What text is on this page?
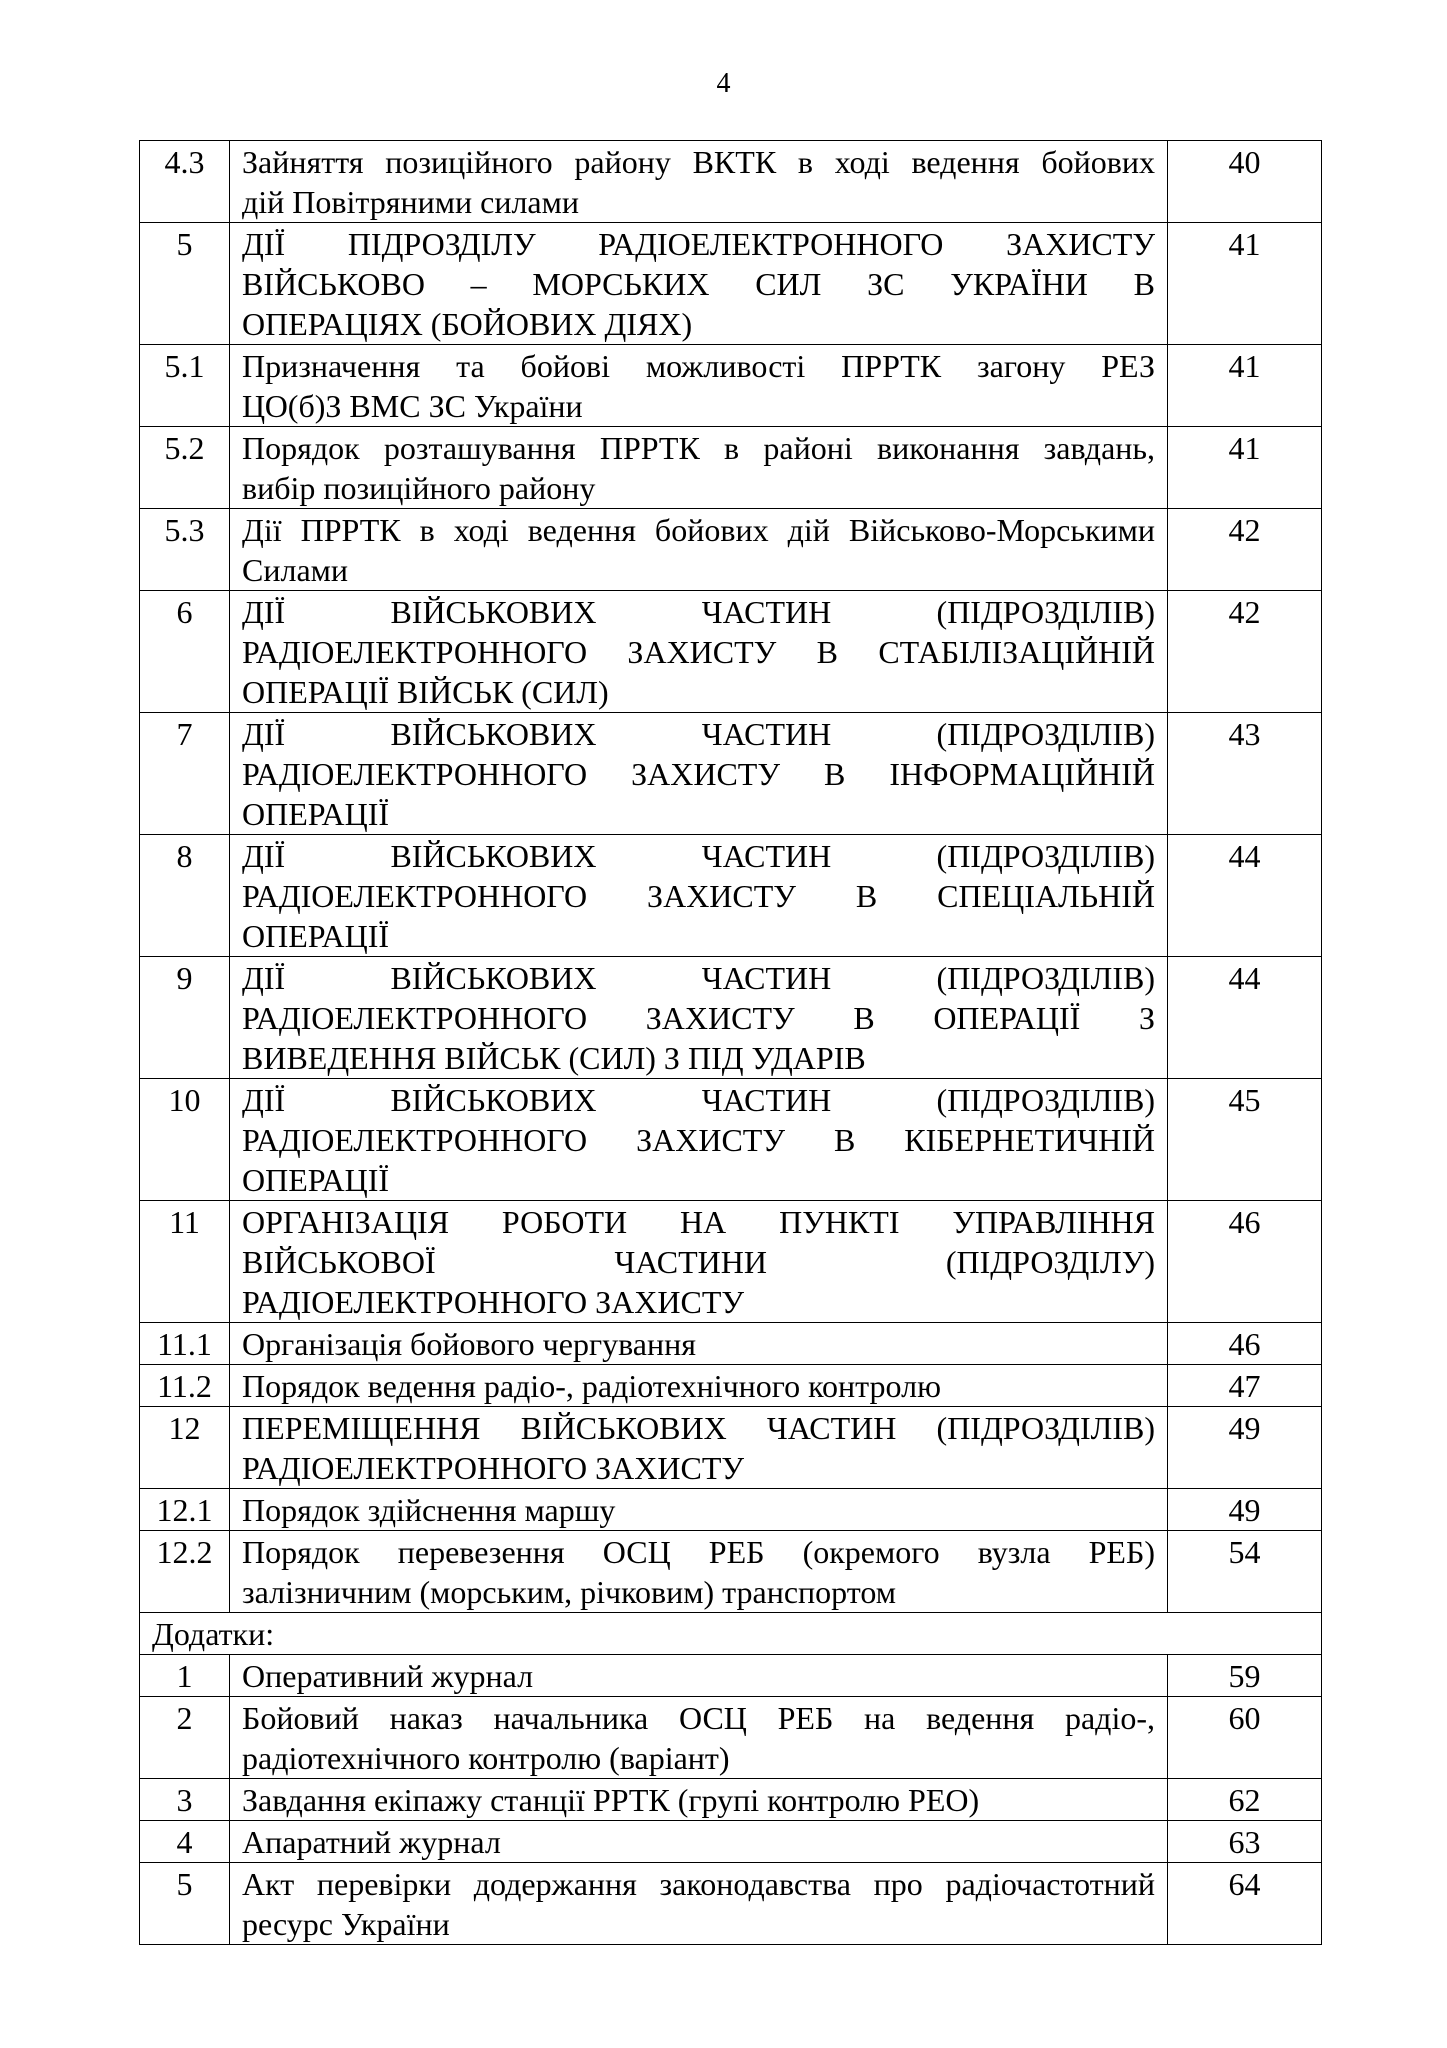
4
4.3	Зайняття позиційного району ВКТК в ході ведення бойових
дій Повітряними силами	40
5	ДІЇ ПІДРОЗДІЛУ РАДІОЕЛЕКТРОННОГО ЗАХИСТУ
ВІЙСЬКОВО – МОРСЬКИХ СИЛ ЗС УКРАЇНИ В
ОПЕРАЦІЯХ (БОЙОВИХ ДІЯХ)	41
5.1	Призначення та бойові можливості ПРРТК загону РЕЗ
ЦО(б)З ВМС ЗС України	41
5.2	Порядок розташування ПРРТК в районі виконання завдань,
вибір позиційного району	41
5.3	Дії ПРРТК в ході ведення бойових дій Військово-Морськими
Силами	42
6	ДІЇ ВІЙСЬКОВИХ ЧАСТИН (ПІДРОЗДІЛІВ)
РАДІОЕЛЕКТРОННОГО ЗАХИСТУ В СТАБІЛІЗАЦІЙНІЙ
ОПЕРАЦІЇ ВІЙСЬК (СИЛ)	42
7	ДІЇ ВІЙСЬКОВИХ ЧАСТИН (ПІДРОЗДІЛІВ)
РАДІОЕЛЕКТРОННОГО ЗАХИСТУ В ІНФОРМАЦІЙНІЙ
ОПЕРАЦІЇ	43
8	ДІЇ ВІЙСЬКОВИХ ЧАСТИН (ПІДРОЗДІЛІВ)
РАДІОЕЛЕКТРОННОГО ЗАХИСТУ В СПЕЦІАЛЬНІЙ
ОПЕРАЦІЇ	44
9	ДІЇ ВІЙСЬКОВИХ ЧАСТИН (ПІДРОЗДІЛІВ)
РАДІОЕЛЕКТРОННОГО ЗАХИСТУ В ОПЕРАЦІЇ З
ВИВЕДЕННЯ ВІЙСЬК (СИЛ) З ПІД УДАРІВ	44
10	ДІЇ ВІЙСЬКОВИХ ЧАСТИН (ПІДРОЗДІЛІВ)
РАДІОЕЛЕКТРОННОГО ЗАХИСТУ В КІБЕРНЕТИЧНІЙ
ОПЕРАЦІЇ	45
11	ОРГАНІЗАЦІЯ РОБОТИ НА ПУНКТІ УПРАВЛІННЯ
ВІЙСЬКОВОЇ ЧАСТИНИ (ПІДРОЗДІЛУ)
РАДІОЕЛЕКТРОННОГО ЗАХИСТУ	46
11.1	Організація бойового чергування	46
11.2	Порядок ведення радіо-, радіотехнічного контролю	47
12	ПЕРЕМІЩЕННЯ ВІЙСЬКОВИХ ЧАСТИН (ПІДРОЗДІЛІВ)
РАДІОЕЛЕКТРОННОГО ЗАХИСТУ	49
12.1	Порядок здійснення маршу	49
12.2	Порядок перевезення ОСЦ РЕБ (окремого вузла РЕБ)
залізничним (морським, річковим) транспортом	54
Додатки:		
1	Оперативний журнал	59
2	Бойовий наказ начальника ОСЦ РЕБ на ведення радіо-,
радіотехнічного контролю (варіант)	60
3	Завдання екіпажу станції РРТК (групі контролю РЕО)	62
4	Апаратний журнал	63
5	Акт перевірки додержання законодавства про радіочастотний
ресурс України	64
